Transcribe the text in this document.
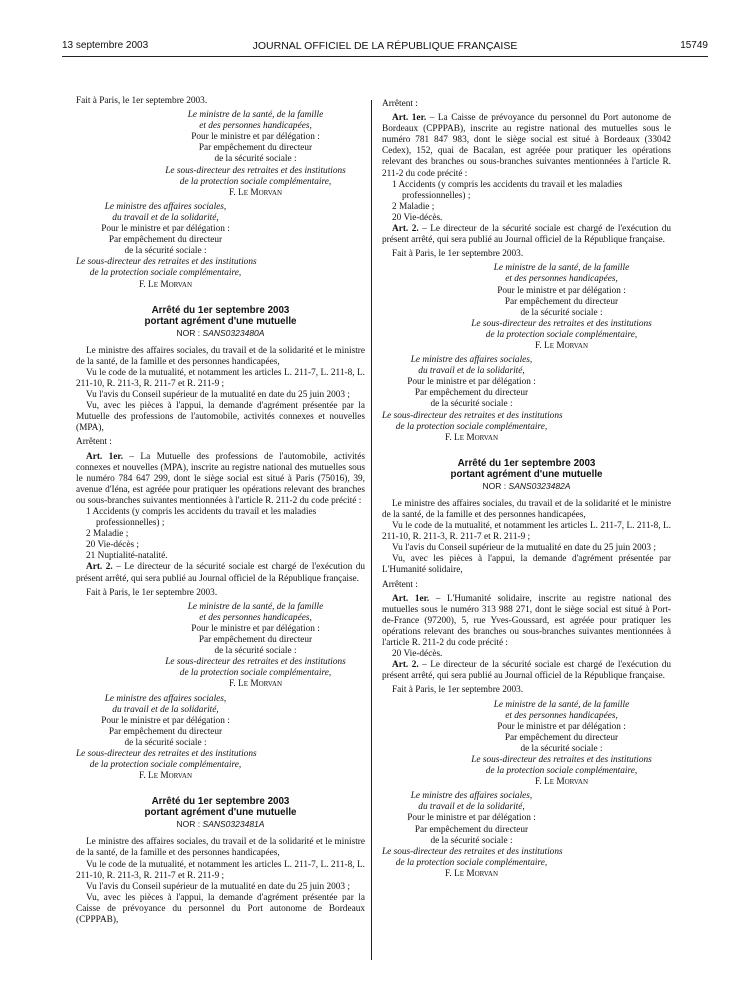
13 septembre 2003	JOURNAL OFFICIEL DE LA RÉPUBLIQUE FRANÇAISE	15749

Fait à Paris, le 1er septembre 2003.

Le ministre de la santé, de la famille
et des personnes handicapées,
Pour le ministre et par délégation :
Par empêchement du directeur
de la sécurité sociale :
Le sous-directeur des retraites et des institutions
de la protection sociale complémentaire,
F. Le Morvan
Le ministre des affaires sociales,
du travail et de la solidarité,
Pour le ministre et par délégation :
Par empêchement du directeur
de la sécurité sociale :
Le sous-directeur des retraites et des institutions
de la protection sociale complémentaire,
F. Le Morvan
Arrêté du 1er septembre 2003
portant agrément d'une mutuelle
NOR : SANS0323480A

Le ministre des affaires sociales, du travail et de la solidarité et le ministre de la santé, de la famille et des personnes handicapées,

Vu le code de la mutualité, et notamment les articles L. 211-7, L. 211-8, L. 211-10, R. 211-3, R. 211-7 et R. 211-9 ;

Vu l'avis du Conseil supérieur de la mutualité en date du 25 juin 2003 ;

Vu, avec les pièces à l'appui, la demande d'agrément présentée par la Mutuelle des professions de l'automobile, activités connexes et nouvelles (MPA),

Arrêtent :

Art. 1er. – La Mutuelle des professions de l'automobile, activités connexes et nouvelles (MPA), inscrite au registre national des mutuelles sous le numéro 784 647 299, dont le siège social est situé à Paris (75016), 39, avenue d'Iéna, est agréée pour pratiquer les opérations relevant des branches ou sous-branches suivantes mentionnées à l'article R. 211-2 du code précité :

1 Accidents (y compris les accidents du travail et les maladies

professionnelles) ;

2 Maladie ;

20 Vie-décès ;

21 Nuptialité-natalité.

Art. 2. – Le directeur de la sécurité sociale est chargé de l'exécution du présent arrêté, qui sera publié au Journal officiel de la République française.

Fait à Paris, le 1er septembre 2003.

Le ministre de la santé, de la famille
et des personnes handicapées,
Pour le ministre et par délégation :
Par empêchement du directeur
de la sécurité sociale :
Le sous-directeur des retraites et des institutions
de la protection sociale complémentaire,
F. Le Morvan
Le ministre des affaires sociales,
du travail et de la solidarité,
Pour le ministre et par délégation :
Par empêchement du directeur
de la sécurité sociale :
Le sous-directeur des retraites et des institutions
de la protection sociale complémentaire,
F. Le Morvan
Arrêté du 1er septembre 2003
portant agrément d'une mutuelle
NOR : SANS0323481A

Le ministre des affaires sociales, du travail et de la solidarité et le ministre de la santé, de la famille et des personnes handicapées,

Vu le code de la mutualité, et notamment les articles L. 211-7, L. 211-8, L. 211-10, R. 211-3, R. 211-7 et R. 211-9 ;

Vu l'avis du Conseil supérieur de la mutualité en date du 25 juin 2003 ;

Vu, avec les pièces à l'appui, la demande d'agrément présentée par la Caisse de prévoyance du personnel du Port autonome de Bordeaux (CPPPAB),

Arrêtent :

Art. 1er. – La Caisse de prévoyance du personnel du Port autonome de Bordeaux (CPPPAB), inscrite au registre national des mutuelles sous le numéro 781 847 983, dont le siège social est situé à Bordeaux (33042 Cedex), 152, quai de Bacalan, est agréée pour pratiquer les opérations relevant des branches ou sous-branches suivantes mentionnées à l'article R. 211-2 du code précité :

1 Accidents (y compris les accidents du travail et les maladies

professionnelles) ;

2 Maladie ;

20 Vie-décès.

Art. 2. – Le directeur de la sécurité sociale est chargé de l'exécution du présent arrêté, qui sera publié au Journal officiel de la République française.

Fait à Paris, le 1er septembre 2003.

Le ministre de la santé, de la famille
et des personnes handicapées,
Pour le ministre et par délégation :
Par empêchement du directeur
de la sécurité sociale :
Le sous-directeur des retraites et des institutions
de la protection sociale complémentaire,
F. Le Morvan
Le ministre des affaires sociales,
du travail et de la solidarité,
Pour le ministre et par délégation :
Par empêchement du directeur
de la sécurité sociale :
Le sous-directeur des retraites et des institutions
de la protection sociale complémentaire,
F. Le Morvan
Arrêté du 1er septembre 2003
portant agrément d'une mutuelle
NOR : SANS0323482A

Le ministre des affaires sociales, du travail et de la solidarité et le ministre de la santé, de la famille et des personnes handicapées,

Vu le code de la mutualité, et notamment les articles L. 211-7, L. 211-8, L. 211-10, R. 211-3, R. 211-7 et R. 211-9 ;

Vu l'avis du Conseil supérieur de la mutualité en date du 25 juin 2003 ;

Vu, avec les pièces à l'appui, la demande d'agrément présentée par L'Humanité solidaire,

Arrêtent :

Art. 1er. – L'Humanité solidaire, inscrite au registre national des mutuelles sous le numéro 313 988 271, dont le siège social est situé à Port-de-France (97200), 5, rue Yves-Goussard, est agréée pour pratiquer les opérations relevant des branches ou sous-branches suivantes mentionnées à l'article R. 211-2 du code précité :

20 Vie-décès.

Art. 2. – Le directeur de la sécurité sociale est chargé de l'exécution du présent arrêté, qui sera publié au Journal officiel de la République française.

Fait à Paris, le 1er septembre 2003.

Le ministre de la santé, de la famille
et des personnes handicapées,
Pour le ministre et par délégation :
Par empêchement du directeur
de la sécurité sociale :
Le sous-directeur des retraites et des institutions
de la protection sociale complémentaire,
F. Le Morvan
Le ministre des affaires sociales,
du travail et de la solidarité,
Pour le ministre et par délégation :
Par empêchement du directeur
de la sécurité sociale :
Le sous-directeur des retraites et des institutions
de la protection sociale complémentaire,
F. Le Morvan
